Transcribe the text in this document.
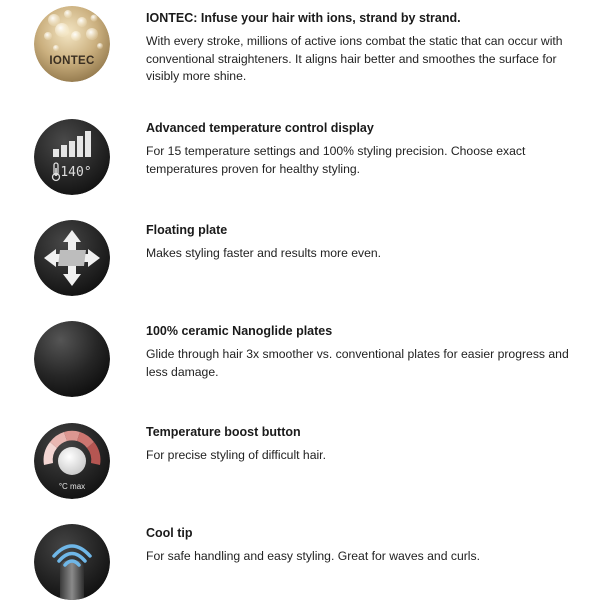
IONTEC

IONTEC: Infuse your hair with ions, strand by strand.

With every stroke, millions of active ions combat the static that can occur with conventional straighteners. It aligns hair better and smoothes the surface for visibly more shine.

140°

Advanced temperature control display

For 15 temperature settings and 100% styling precision. Choose exact temperatures proven for healthy styling.

Floating plate

Makes styling faster and results more even.

100% ceramic Nanoglide plates

Glide through hair 3x smoother vs. conventional plates for easier progress and less damage.

°C max

Temperature boost button

For precise styling of difficult hair.

Cool tip

For safe handling and easy styling. Great for waves and curls.
